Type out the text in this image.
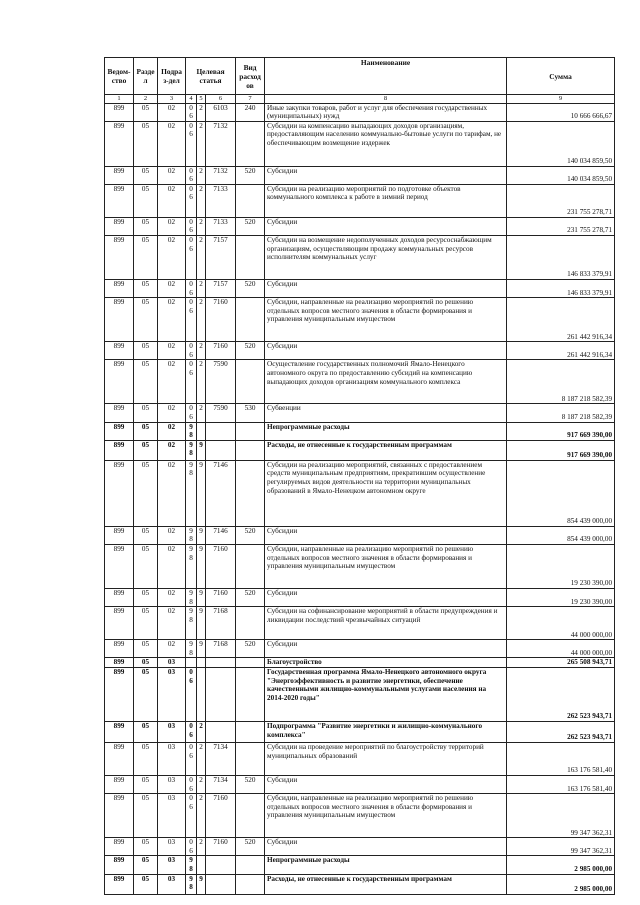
Ведом-ство	Раздел	Подраз-дел	Целевая статья			Вид расходов	Наименование	Сумма
1	2	3	4	5	6	7	8	9
899	05	02	06	2	6103	240	Иные закупки товаров, работ и услуг для обеспечения государственных (муниципальных) нужд	10 666 666,67
899	05	02	06	2	7132		Субсидии на компенсацию выпадающих доходов организациям, предоставляющим населению коммунально-бытовые услуги по тарифам, не обеспечивающим возмещение издержек	140 034 859,50
899	05	02	06	2	7132	520	Субсидии	140 034 859,50
899	05	02	06	2	7133		Субсидии на реализацию мероприятий по подготовке объектов коммунального комплекса к работе в зимний период	231 755 278,71
899	05	02	06	2	7133	520	Субсидии	231 755 278,71
899	05	02	06	2	7157		Субсидии на возмещение недополученных доходов ресурсоснабжающим организациям, осуществляющим продажу коммунальных ресурсов исполнителям коммунальных услуг	146 833 379,91
899	05	02	06	2	7157	520	Субсидии	146 833 379,91
899	05	02	06	2	7160		Субсидии, направленные на реализацию мероприятий по решению отдельных вопросов местного значения в области формирования и управления муниципальным имуществом	261 442 916,34
899	05	02	06	2	7160	520	Субсидии	261 442 916,34
899	05	02	06	2	7590		Осуществление государственных полномочий Ямало-Ненецкого автономного округа по предоставлению субсидий на компенсацию выпадающих доходов организациям коммунального комплекса	8 187 218 582,39
899	05	02	06	2	7590	530	Субвенции	8 187 218 582,39
899	05	02	98				Непрограммные расходы	917 669 390,00
899	05	02	98	9			Расходы, не отнесенные к государственным программам	917 669 390,00
899	05	02	98	9	7146		Субсидии на реализацию мероприятий, связанных с предоставлением средств муниципальным предприятиям, прекратившим осуществление регулируемых видов деятельности на территории муниципальных образований в Ямало-Ненецком автономном округе	854 439 000,00
899	05	02	98	9	7146	520	Субсидии	854 439 000,00
899	05	02	98	9	7160		Субсидии, направленные на реализацию мероприятий по решению отдельных вопросов местного значения в области формирования и управления муниципальным имуществом	19 230 390,00
899	05	02	98	9	7160	520	Субсидии	19 230 390,00
899	05	02	98	9	7168		Субсидии на софинансирование мероприятий в области предупреждения и ликвидации последствий чрезвычайных ситуаций	44 000 000,00
899	05	02	98	9	7168	520	Субсидии	44 000 000,00
899	05	03					Благоустройство	265 508 943,71
899	05	03	06				Государственная программа Ямало-Ненецкого автономного округа "Энергоэффективность и развитие энергетики, обеспечение качественными жилищно-коммунальными услугами населения на 2014-2020 годы"	262 523 943,71
899	05	03	06	2			Подпрограмма "Развитие энергетики и жилищно-коммунального комплекса"	262 523 943,71
899	05	03	06	2	7134		Субсидии на проведение мероприятий по благоустройству территорий муниципальных образований	163 176 581,40
899	05	03	06	2	7134	520	Субсидии	163 176 581,40
899	05	03	06	2	7160		Субсидии, направленные на реализацию мероприятий по решению отдельных вопросов местного значения в области формирования и управления муниципальным имуществом	99 347 362,31
899	05	03	06	2	7160	520	Субсидии	99 347 362,31
899	05	03	98				Непрограммные расходы	2 985 000,00
899	05	03	98	9			Расходы, не отнесенные к государственным программам	2 985 000,00
